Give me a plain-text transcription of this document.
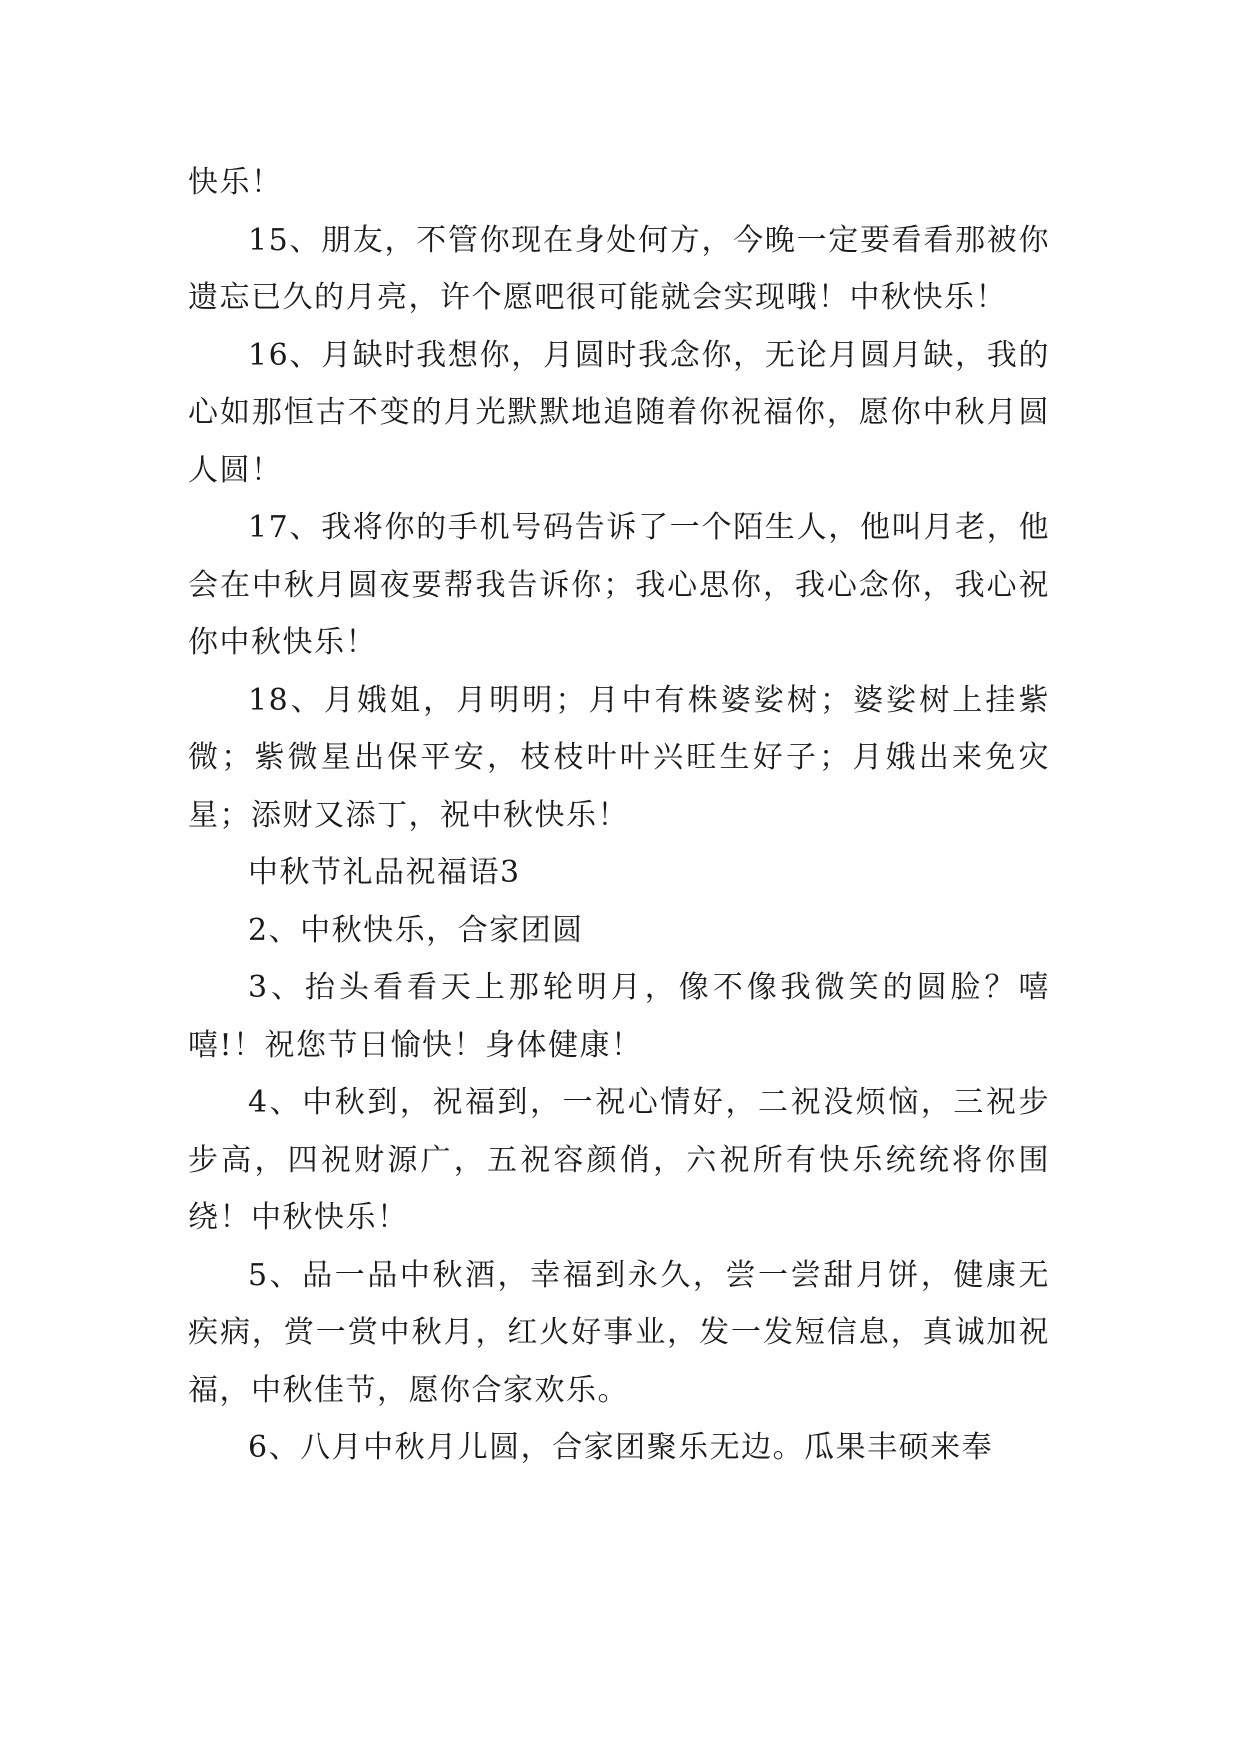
快乐！

15、朋友，不管你现在身处何方，今晚一定要看看那被你遗忘已久的月亮，许个愿吧很可能就会实现哦！中秋快乐！

16、月缺时我想你，月圆时我念你，无论月圆月缺，我的心如那恒古不变的月光默默地追随着你祝福你，愿你中秋月圆人圆！

17、我将你的手机号码告诉了一个陌生人，他叫月老，他会在中秋月圆夜要帮我告诉你；我心思你，我心念你，我心祝你中秋快乐！

18、月娥姐，月明明；月中有株婆娑树；婆娑树上挂紫微；紫微星出保平安，枝枝叶叶兴旺生好子；月娥出来免灾星；添财又添丁，祝中秋快乐！

中秋节礼品祝福语3

2、中秋快乐，合家团圆

3、抬头看看天上那轮明月，像不像我微笑的圆脸？嘻嘻!！祝您节日愉快！身体健康！

4、中秋到，祝福到，一祝心情好，二祝没烦恼，三祝步步高，四祝财源广，五祝容颜俏，六祝所有快乐统统将你围绕！中秋快乐！

5、品一品中秋酒，幸福到永久，尝一尝甜月饼，健康无疾病，赏一赏中秋月，红火好事业，发一发短信息，真诚加祝福，中秋佳节，愿你合家欢乐。

6、八月中秋月儿圆，合家团聚乐无边。瓜果丰硕来奉
